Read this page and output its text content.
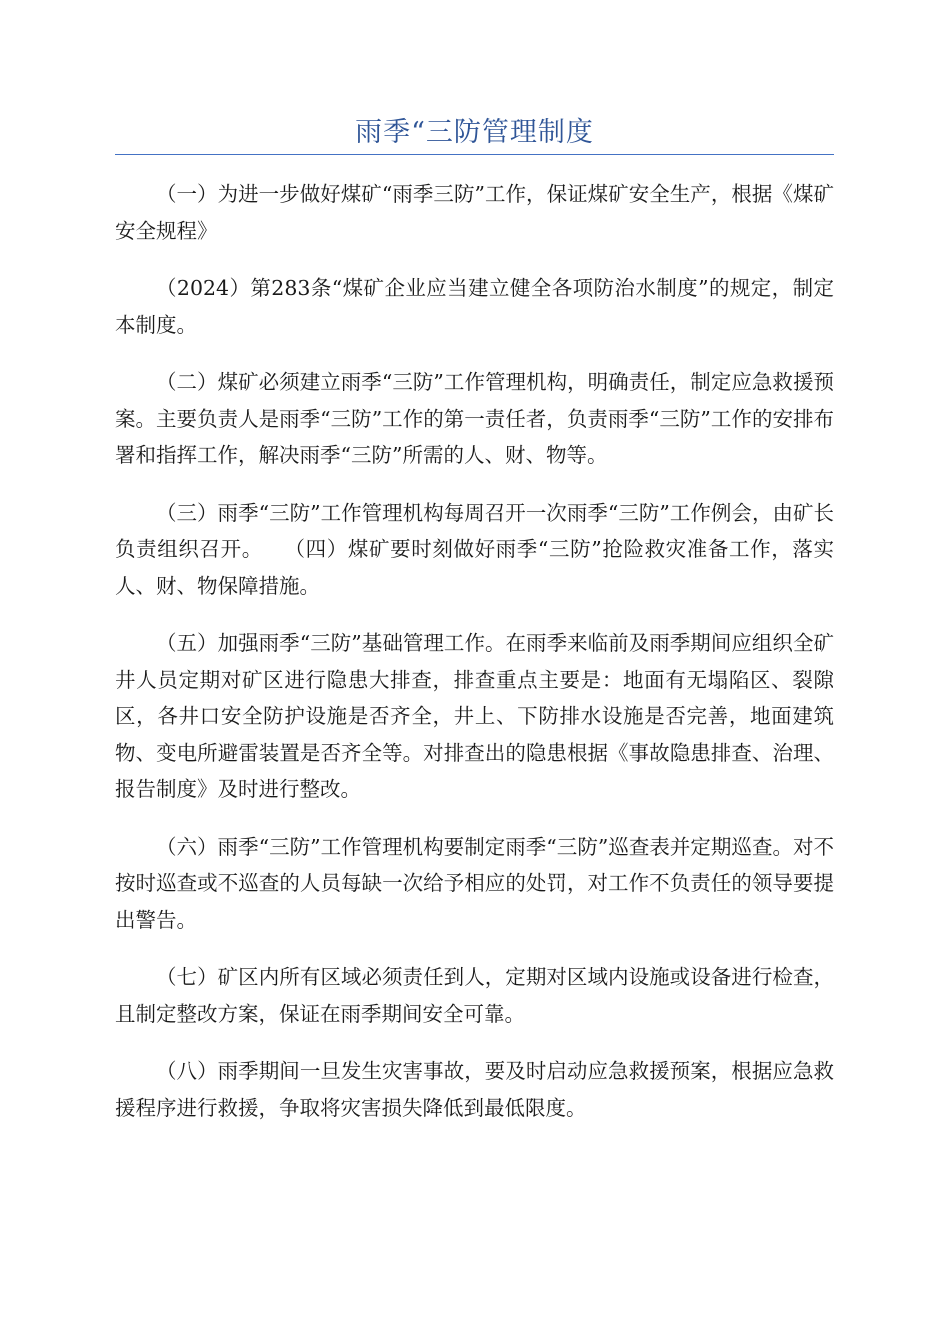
雨季“三防管理制度

（一）为进一步做好煤矿“雨季三防”工作，保证煤矿安全生产，根据《煤矿安全规程》

（2024）第283条“煤矿企业应当建立健全各项防治水制度”的规定，制定本制度。

（二）煤矿必须建立雨季“三防”工作管理机构，明确责任，制定应急救援预案。主要负责人是雨季“三防”工作的第一责任者，负责雨季“三防”工作的安排布署和指挥工作，解决雨季“三防”所需的人、财、物等。

（三）雨季“三防”工作管理机构每周召开一次雨季“三防”工作例会，由矿长负责组织召开。　　（四）煤矿要时刻做好雨季“三防”抢险救灾准备工作，落实人、财、物保障措施。

（五）加强雨季“三防”基础管理工作。在雨季来临前及雨季期间应组织全矿井人员定期对矿区进行隐患大排查，排查重点主要是：地面有无塌陷区、裂隙区，各井口安全防护设施是否齐全，井上、下防排水设施是否完善，地面建筑物、变电所避雷装置是否齐全等。对排查出的隐患根据《事故隐患排查、治理、报告制度》及时进行整改。

（六）雨季“三防”工作管理机构要制定雨季“三防”巡查表并定期巡查。对不按时巡查或不巡查的人员每缺一次给予相应的处罚，对工作不负责任的领导要提出警告。

（七）矿区内所有区域必须责任到人，定期对区域内设施或设备进行检查，且制定整改方案，保证在雨季期间安全可靠。

（八）雨季期间一旦发生灾害事故，要及时启动应急救援预案，根据应急救援程序进行救援，争取将灾害损失降低到最低限度。
